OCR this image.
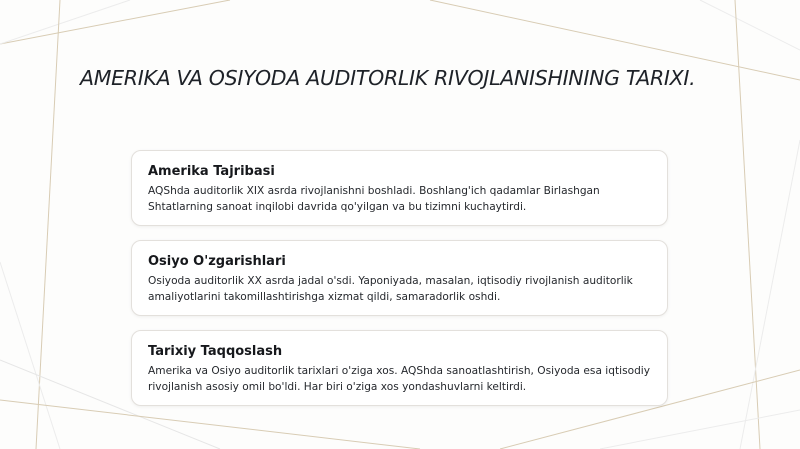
AMERIKA VA OSIYODA AUDITORLIK RIVOJLANISHINING TARIXI.
Amerika Tajribasi

AQShda auditorlik XIX asrda rivojlanishni boshladi. Boshlang'ich qadamlar Birlashgan Shtatlarning sanoat inqilobi davrida qo'yilgan va bu tizimni kuchaytirdi.

Osiyo O'zgarishlari

Osiyoda auditorlik XX asrda jadal o'sdi. Yaponiyada, masalan, iqtisodiy rivojlanish auditorlik amaliyotlarini takomillashtirishga xizmat qildi, samaradorlik oshdi.

Tarixiy Taqqoslash

Amerika va Osiyo auditorlik tarixlari o'ziga xos. AQShda sanoatlashtirish, Osiyoda esa iqtisodiy rivojlanish asosiy omil bo'ldi. Har biri o'ziga xos yondashuvlarni keltirdi.
